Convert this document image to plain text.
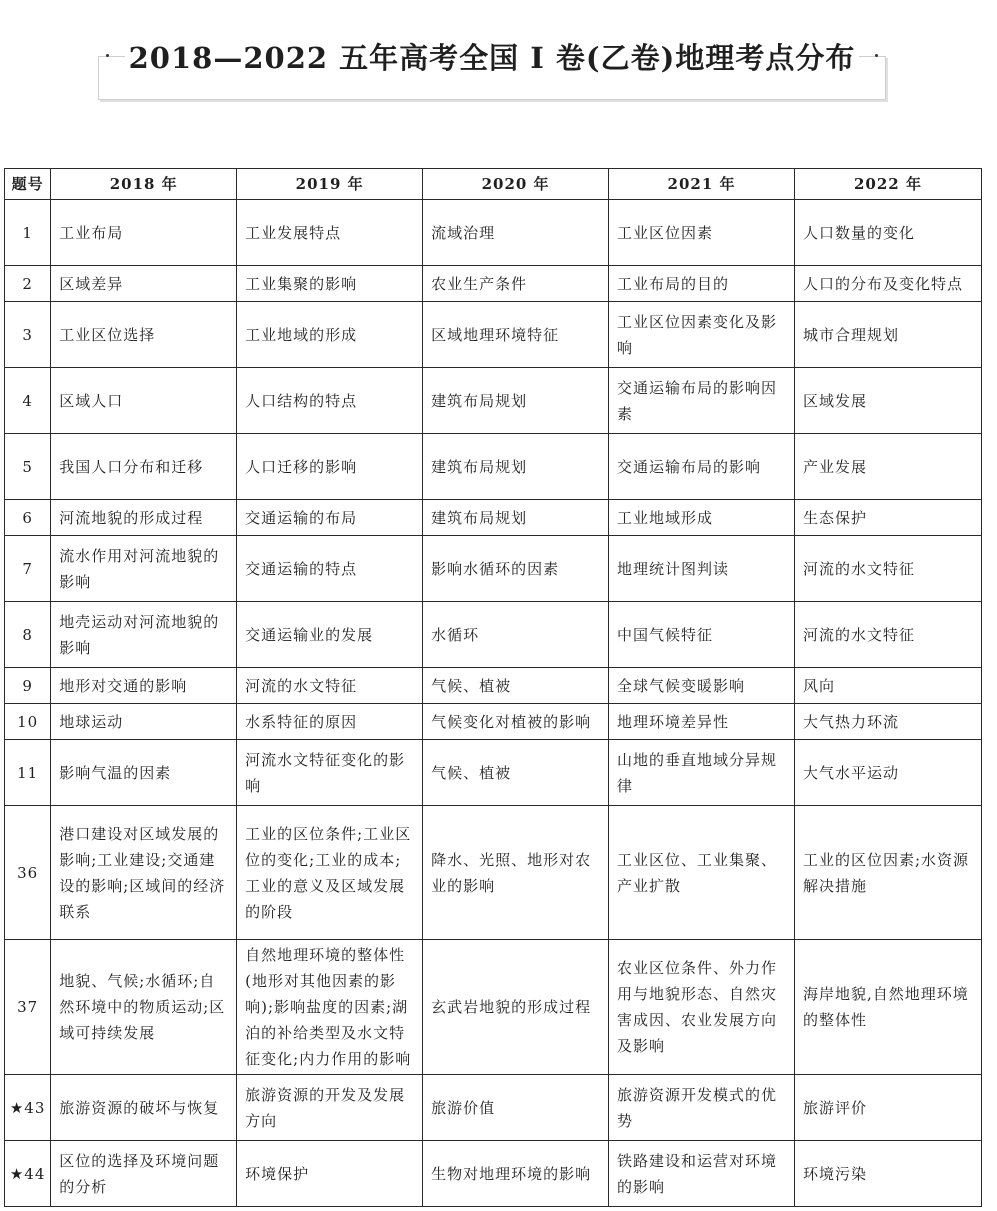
2018—2022 五年高考全国 I 卷(乙卷)地理考点分布
题号	2018 年	2019 年	2020 年	2021 年	2022 年
1	工业布局	工业发展特点	流域治理	工业区位因素	人口数量的变化
2	区域差异	工业集聚的影响	农业生产条件	工业布局的目的	人口的分布及变化特点
3	工业区位选择	工业地域的形成	区域地理环境特征	工业区位因素变化及影响	城市合理规划
4	区域人口	人口结构的特点	建筑布局规划	交通运输布局的影响因素	区域发展
5	我国人口分布和迁移	人口迁移的影响	建筑布局规划	交通运输布局的影响	产业发展
6	河流地貌的形成过程	交通运输的布局	建筑布局规划	工业地域形成	生态保护
7	流水作用对河流地貌的影响	交通运输的特点	影响水循环的因素	地理统计图判读	河流的水文特征
8	地壳运动对河流地貌的影响	交通运输业的发展	水循环	中国气候特征	河流的水文特征
9	地形对交通的影响	河流的水文特征	气候、植被	全球气候变暖影响	风向
10	地球运动	水系特征的原因	气候变化对植被的影响	地理环境差异性	大气热力环流
11	影响气温的因素	河流水文特征变化的影响	气候、植被	山地的垂直地域分异规律	大气水平运动
36	港口建设对区域发展的影响;工业建设;交通建设的影响;区域间的经济联系	工业的区位条件;工业区位的变化;工业的成本;工业的意义及区域发展的阶段	降水、光照、地形对农业的影响	工业区位、工业集聚、产业扩散	工业的区位因素;水资源解决措施
37	地貌、气候;水循环;自然环境中的物质运动;区域可持续发展	自然地理环境的整体性(地形对其他因素的影响);影响盐度的因素;湖泊的补给类型及水文特征变化;内力作用的影响	玄武岩地貌的形成过程	农业区位条件、外力作用与地貌形态、自然灾害成因、农业发展方向及影响	海岸地貌,自然地理环境的整体性
★43	旅游资源的破坏与恢复	旅游资源的开发及发展方向	旅游价值	旅游资源开发模式的优势	旅游评价
★44	区位的选择及环境问题的分析	环境保护	生物对地理环境的影响	铁路建设和运营对环境的影响	环境污染
